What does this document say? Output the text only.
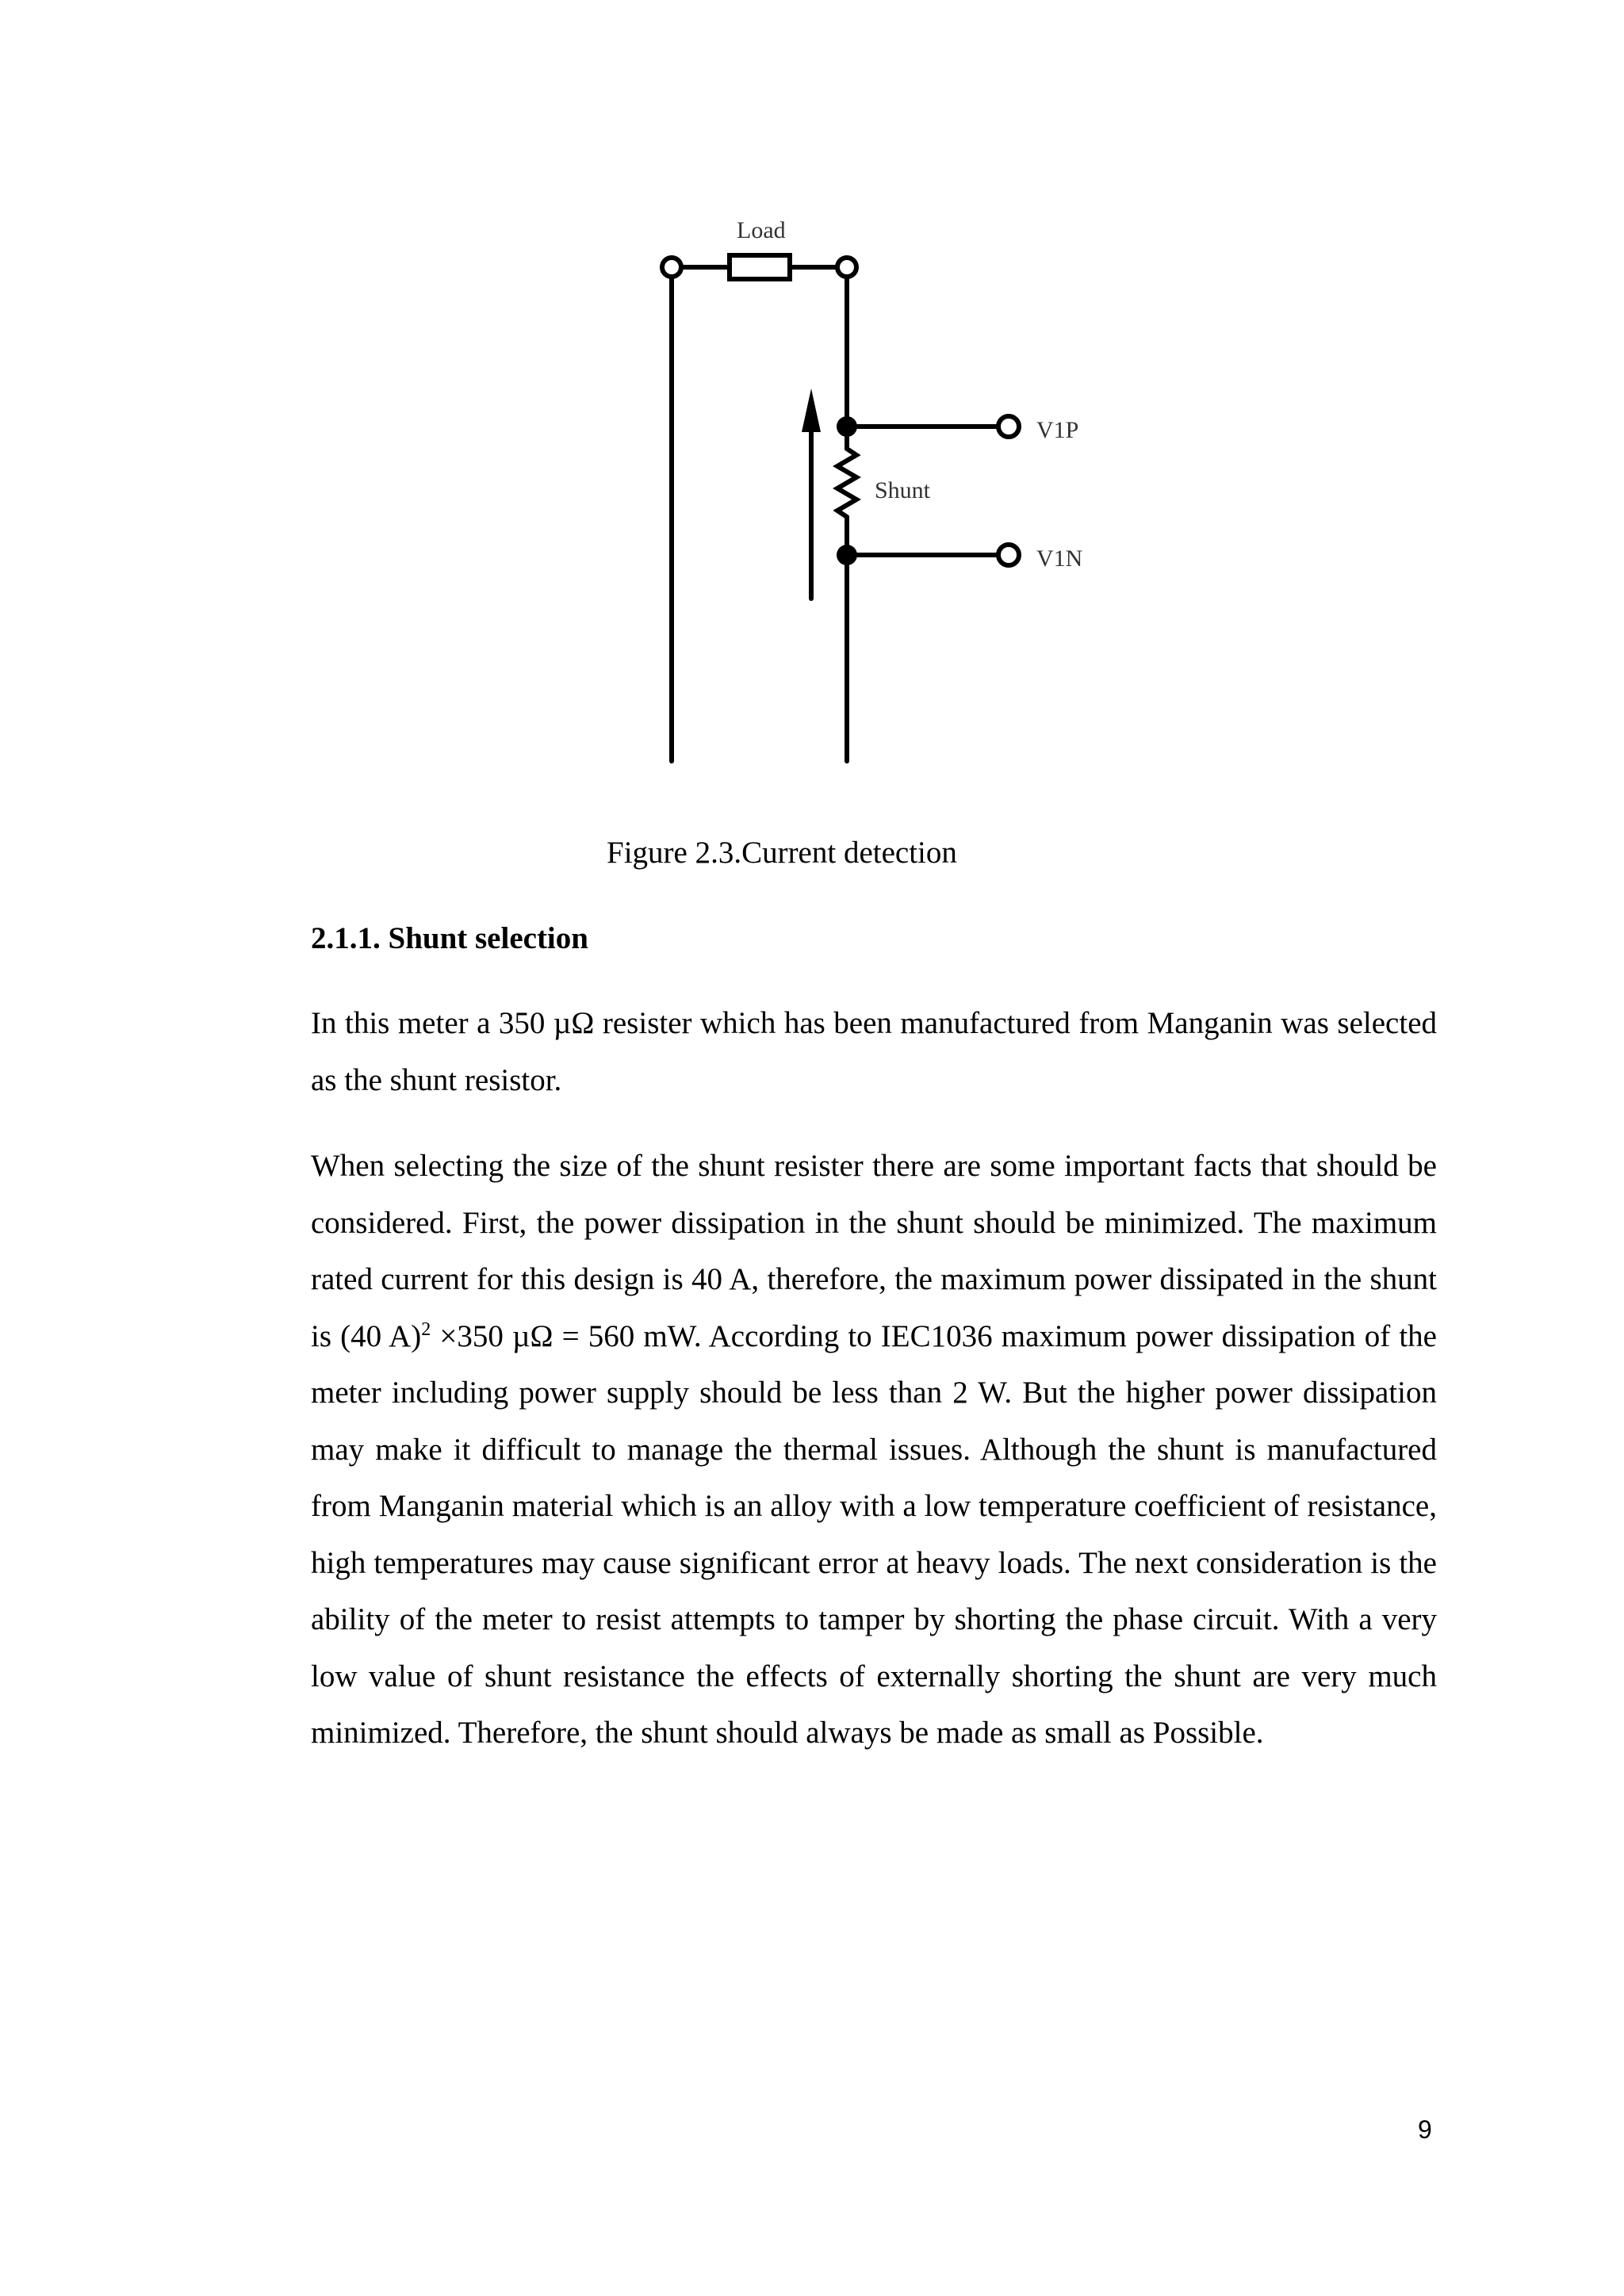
Load
Shunt
V1P
V1N
Figure 2.3.Current detection
2.1.1. Shunt selection

In this meter a 350 µΩ resister which has been manufactured from Manganin was selected as the shunt resistor.

When selecting the size of the shunt resister there are some important facts that should be considered. First, the power dissipation in the shunt should be minimized. The maximum rated current for this design is 40 A, therefore, the maximum power dissipated in the shunt is (40 A)$^2$ ×350 µΩ = 560 mW. According to IEC1036 maximum power dissipation of the meter including power supply should be less than 2 W. But the higher power dissipation may make it difficult to manage the thermal issues. Although the shunt is manufactured from Manganin material which is an alloy with a low temperature coefficient of resistance, high temperatures may cause significant error at heavy loads. The next consideration is the ability of the meter to resist attempts to tamper by shorting the phase circuit. With a very low value of shunt resistance the effects of externally shorting the shunt are very much minimized. Therefore, the shunt should always be made as small as Possible.

9
